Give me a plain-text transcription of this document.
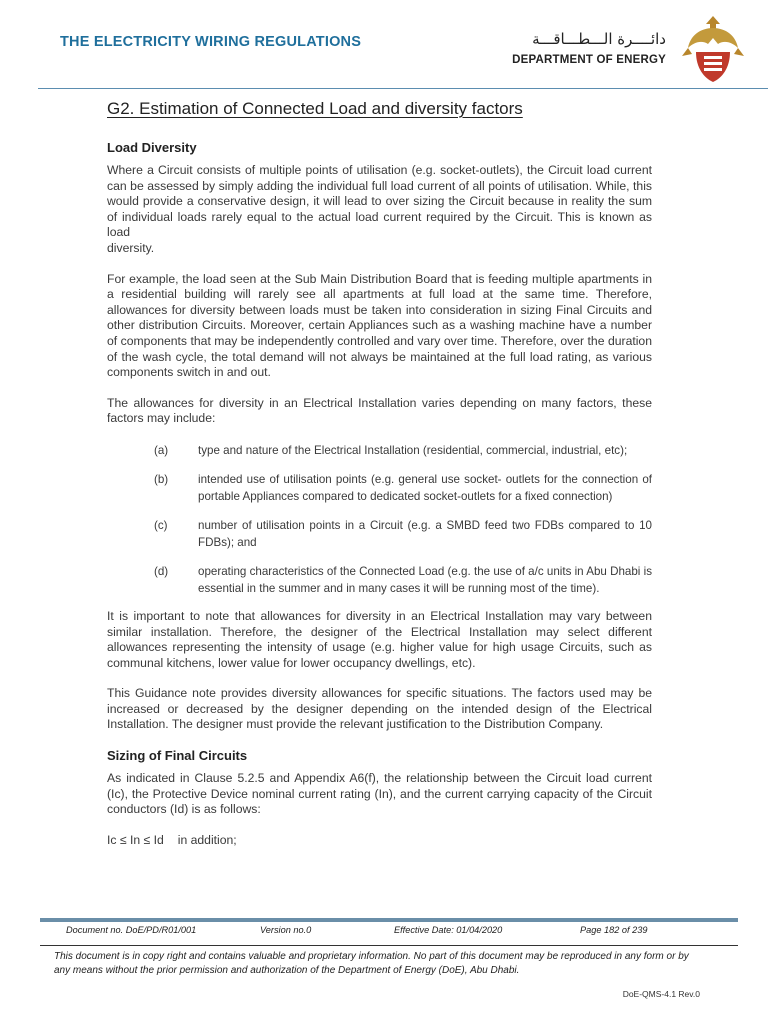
THE ELECTRICITY WIRING REGULATIONS	دائــــرة الـــطـــاقـــة
DEPARTMENT OF ENERGY
G2. Estimation of Connected Load and diversity factors
Load Diversity

Where a Circuit consists of multiple points of utilisation (e.g. socket-outlets), the Circuit load current can be assessed by simply adding the individual full load current of all points of utilisation. While, this would provide a conservative design, it will lead to over sizing the Circuit because in reality the sum of individual loads rarely equal to the actual load current required by the Circuit. This is known as load
diversity.

For example, the load seen at the Sub Main Distribution Board that is feeding multiple apartments in a residential building will rarely see all apartments at full load at the same time. Therefore, allowances for diversity between loads must be taken into consideration in sizing Final Circuits and other distribution Circuits. Moreover, certain Appliances such as a washing machine have a number of components that may be independently controlled and vary over time. Therefore, over the duration of the wash cycle, the total demand will not always be maintained at the full load rating, as various components switch in and out.

The allowances for diversity in an Electrical Installation varies depending on many factors, these factors may include:

(a)	type and nature of the Electrical Installation (residential, commercial, industrial, etc);
(b)	intended use of utilisation points (e.g. general use socket- outlets for the connection of portable Appliances compared to dedicated socket-outlets for a fixed connection)
(c)	number of utilisation points in a Circuit (e.g. a SMBD feed two FDBs compared to 10 FDBs); and
(d)	operating characteristics of the Connected Load (e.g. the use of a/c units in Abu Dhabi is essential in the summer and in many cases it will be running most of the time).

It is important to note that allowances for diversity in an Electrical Installation may vary between similar installation. Therefore, the designer of the Electrical Installation may select different allowances representing the intensity of usage (e.g. higher value for high usage Circuits, such as communal kitchens, lower value for lower occupancy dwellings, etc).

This Guidance note provides diversity allowances for specific situations. The factors used may be increased or decreased by the designer depending on the intended design of the Electrical Installation. The designer must provide the relevant justification to the Distribution Company.

Sizing of Final Circuits

As indicated in Clause 5.2.5 and Appendix A6(f), the relationship between the Circuit load current (Ic), the Protective Device nominal current rating (In), and the current carrying capacity of the Circuit conductors (Id) is as follows:

Ic ≤ In ≤ Id in addition;
Document no. DoE/PD/R01/001	Version no.0	Effective Date: 01/04/2020	Page 182 of 239
This document is in copy right and contains valuable and proprietary information. No part of this document may be reproduced in any form or by any means without the prior permission and authorization of the Department of Energy (DoE), Abu Dhabi.
DoE-QMS-4.1 Rev.0
